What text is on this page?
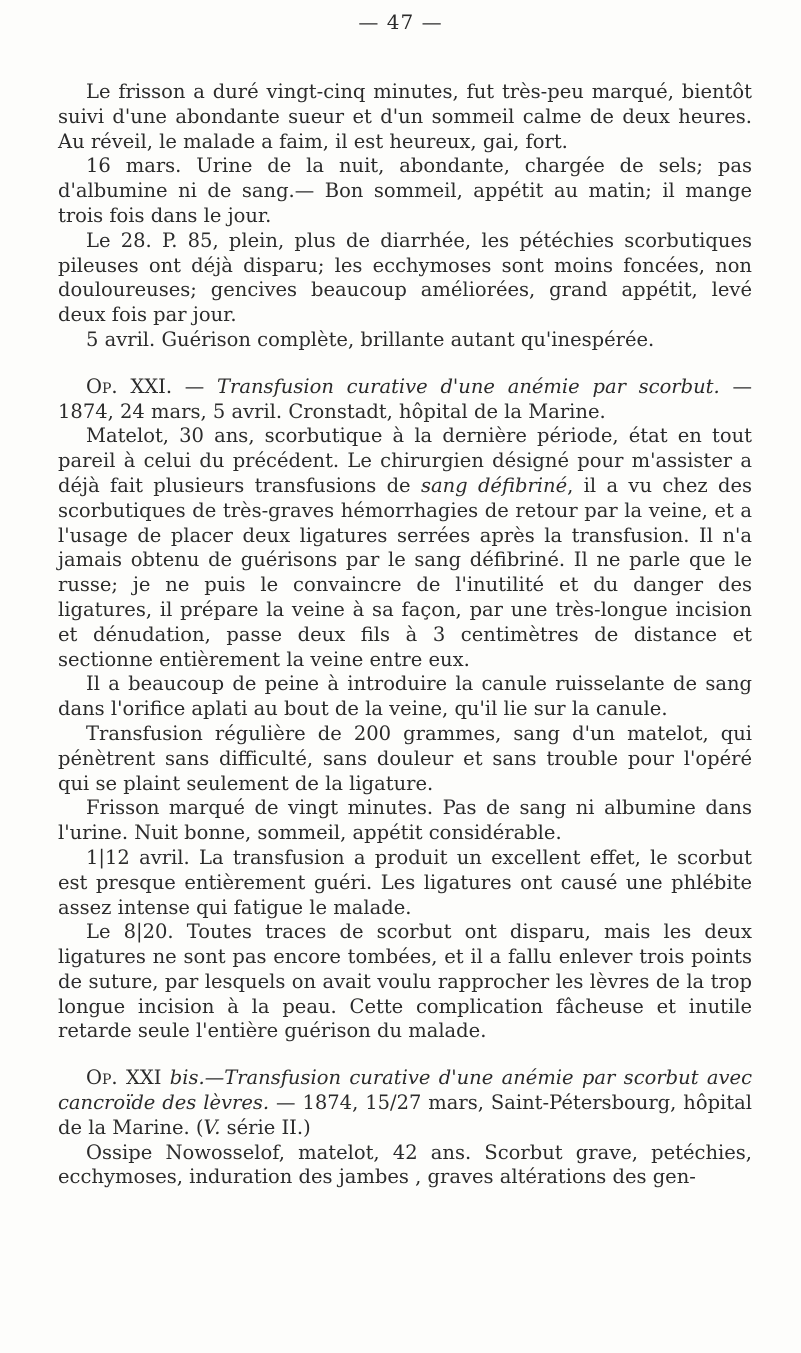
— 47 —

Le frisson a duré vingt-cinq minutes, fut très-peu marqué, bientôt suivi d'une abondante sueur et d'un sommeil calme de deux heures. Au réveil, le malade a faim, il est heureux, gai, fort.

16 mars. Urine de la nuit, abondante, chargée de sels; pas d'albumine ni de sang.— Bon sommeil, appétit au matin; il mange trois fois dans le jour.

Le 28. P. 85, plein, plus de diarrhée, les pétéchies scorbutiques pileuses ont déjà disparu; les ecchymoses sont moins foncées, non douloureuses; gencives beaucoup améliorées, grand appétit, levé deux fois par jour.

5 avril. Guérison complète, brillante autant qu'inespérée.

Op. XXI. — Transfusion curative d'une anémie par scorbut. — 1874, 24 mars, 5 avril. Cronstadt, hôpital de la Marine.

Matelot, 30 ans, scorbutique à la dernière période, état en tout pareil à celui du précédent. Le chirurgien désigné pour m'assister a déjà fait plusieurs transfusions de sang défibriné, il a vu chez des scorbutiques de très-graves hémorrhagies de retour par la veine, et a l'usage de placer deux ligatures serrées après la transfusion. Il n'a jamais obtenu de guérisons par le sang défibriné. Il ne parle que le russe; je ne puis le convaincre de l'inutilité et du danger des ligatures, il prépare la veine à sa façon, par une très-longue incision et dénudation, passe deux fils à 3 centimètres de distance et sectionne entièrement la veine entre eux.

Il a beaucoup de peine à introduire la canule ruisselante de sang dans l'orifice aplati au bout de la veine, qu'il lie sur la canule.

Transfusion régulière de 200 grammes, sang d'un matelot, qui pénètrent sans difficulté, sans douleur et sans trouble pour l'opéré qui se plaint seulement de la ligature.

Frisson marqué de vingt minutes. Pas de sang ni albumine dans l'urine. Nuit bonne, sommeil, appétit considérable.

1|12 avril. La transfusion a produit un excellent effet, le scorbut est presque entièrement guéri. Les ligatures ont causé une phlébite assez intense qui fatigue le malade.

Le 8|20. Toutes traces de scorbut ont disparu, mais les deux ligatures ne sont pas encore tombées, et il a fallu enlever trois points de suture, par lesquels on avait voulu rapprocher les lèvres de la trop longue incision à la peau. Cette complication fâcheuse et inutile retarde seule l'entière guérison du malade.

Op. XXI bis.—Transfusion curative d'une anémie par scorbut avec cancroïde des lèvres. — 1874, 15/27 mars, Saint-Pétersbourg, hôpital de la Marine. (V. série II.)

Ossipe Nowosselof, matelot, 42 ans. Scorbut grave, petéchies, ecchymoses, induration des jambes , graves altérations des gen-
